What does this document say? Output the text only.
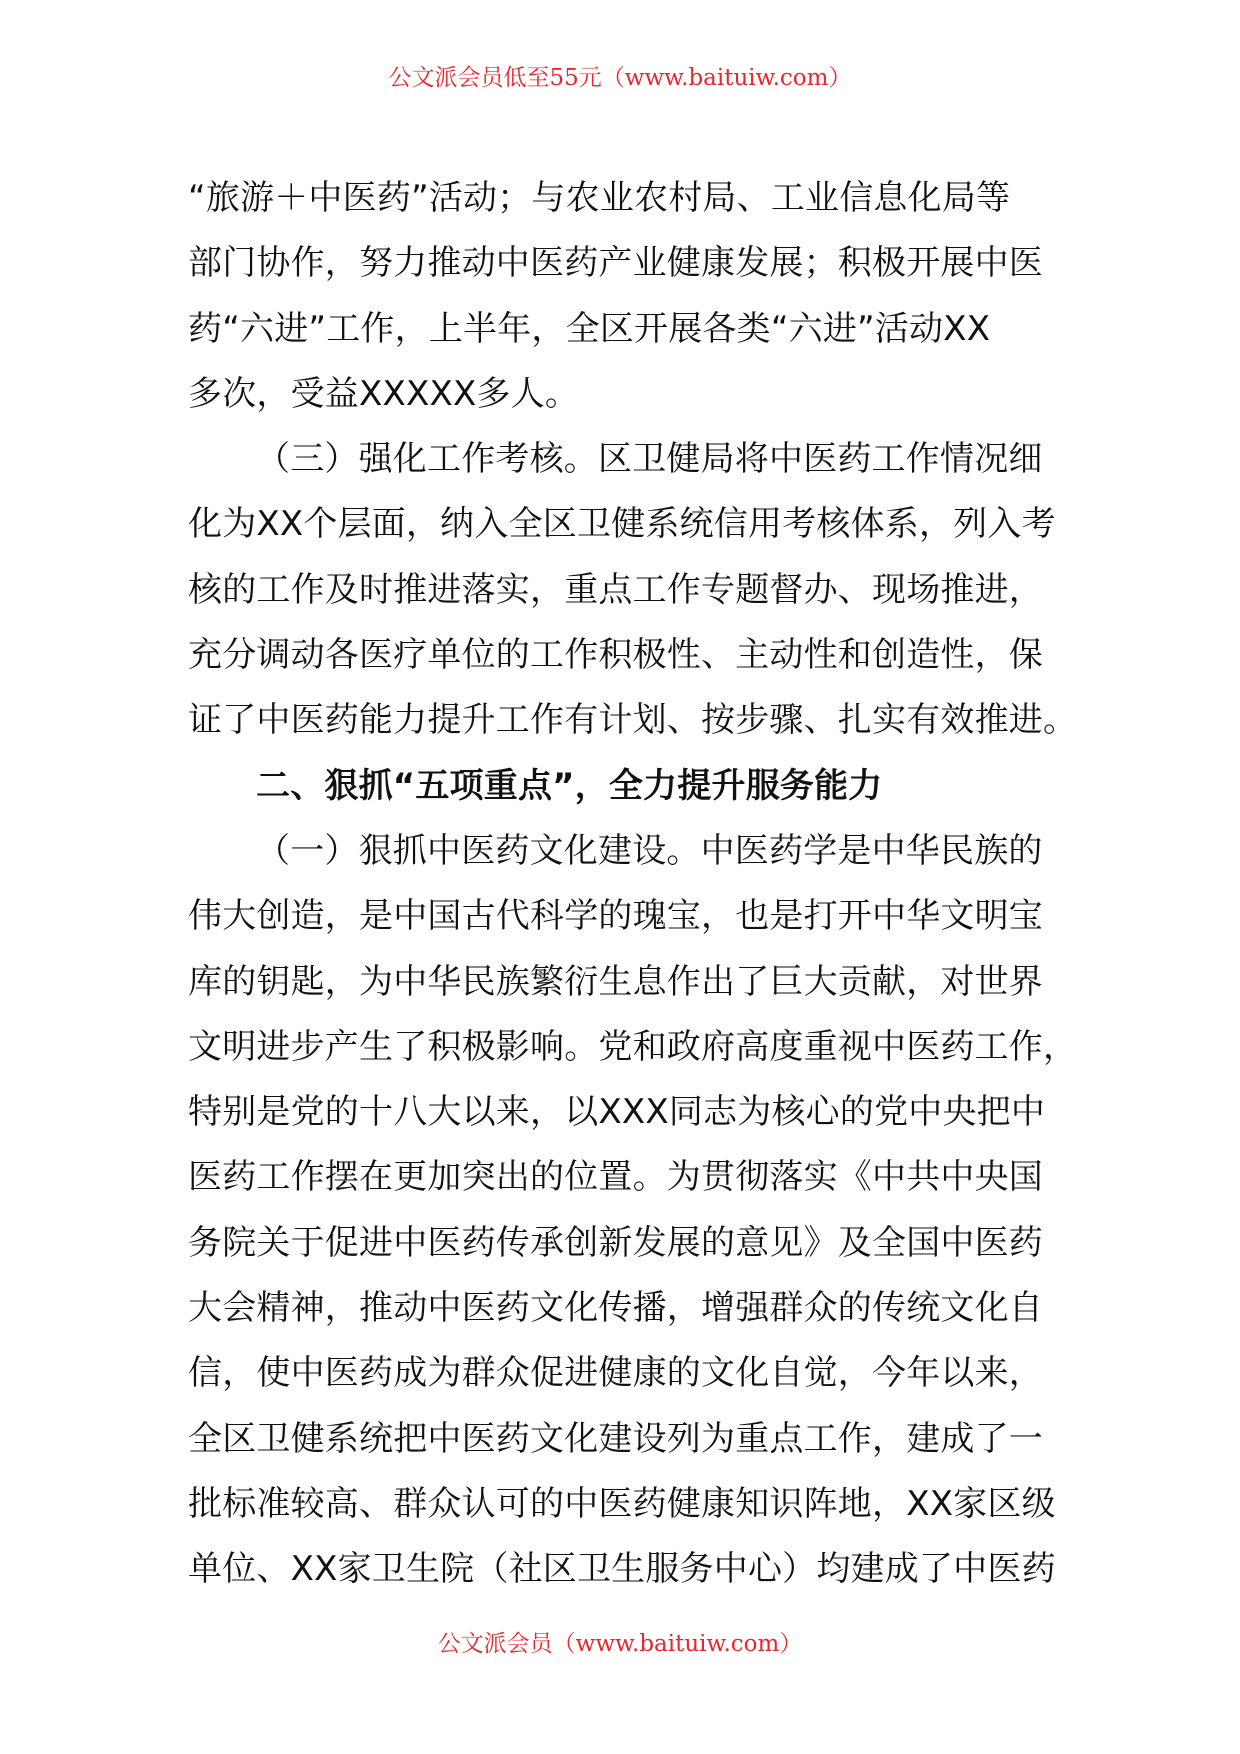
公文派会员低至55元（www.baituiw.com）
“旅游＋中医药”活动；与农业农村局、工业信息化局等
部门协作，努力推动中医药产业健康发展；积极开展中医
药“六进”工作，上半年，全区开展各类“六进”活动XX
多次，受益XXXXX多人。
（三）强化工作考核。区卫健局将中医药工作情况细
化为XX个层面，纳入全区卫健系统信用考核体系，列入考
核的工作及时推进落实，重点工作专题督办、现场推进，
充分调动各医疗单位的工作积极性、主动性和创造性，保
证了中医药能力提升工作有计划、按步骤、扎实有效推进。
二、狠抓“五项重点”，全力提升服务能力
（一）狠抓中医药文化建设。中医药学是中华民族的
伟大创造，是中国古代科学的瑰宝，也是打开中华文明宝
库的钥匙，为中华民族繁衍生息作出了巨大贡献，对世界
文明进步产生了积极影响。党和政府高度重视中医药工作，
特别是党的十八大以来，以XXX同志为核心的党中央把中
医药工作摆在更加突出的位置。为贯彻落实《中共中央国
务院关于促进中医药传承创新发展的意见》及全国中医药
大会精神，推动中医药文化传播，增强群众的传统文化自
信，使中医药成为群众促进健康的文化自觉，今年以来，
全区卫健系统把中医药文化建设列为重点工作，建成了一
批标准较高、群众认可的中医药健康知识阵地，XX家区级
单位、XX家卫生院（社区卫生服务中心）均建成了中医药
公文派会员（www.baituiw.com）
